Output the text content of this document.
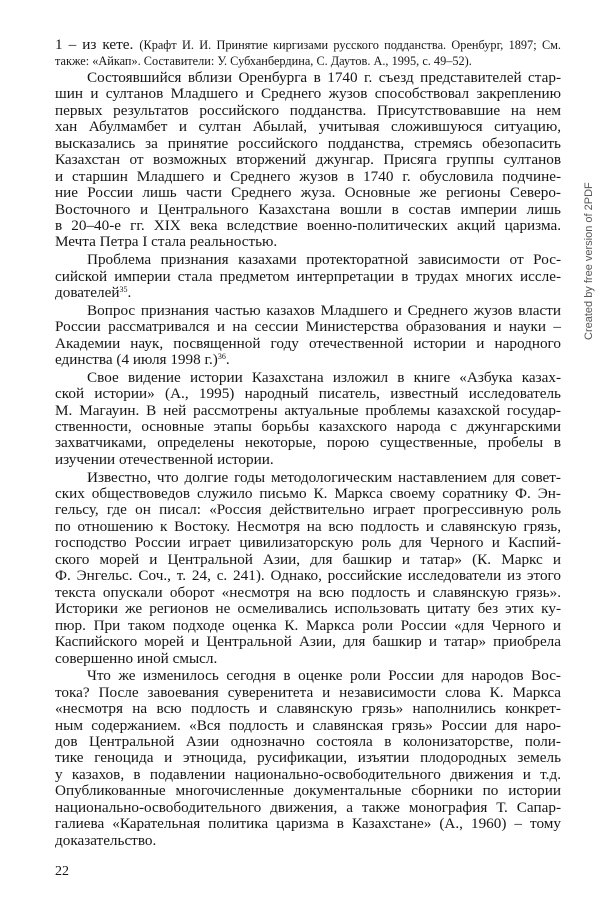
1 – из кете. (Крафт И. И. Принятие киргизами русского подданства. Оренбург, 1897; См.
также: «Айкап». Составители: У. Субханбердина, С. Даутов. А., 1995, с. 49–52).
Состоявшийся вблизи Оренбурга в 1740 г. съезд представителей стар-
шин и султанов Младшего и Среднего жузов способствовал закреплению
первых результатов российского подданства. Присутствовавшие на нем
хан Абулмамбет и султан Абылай, учитывая сложившуюся ситуацию,
высказались за принятие российского подданства, стремясь обезопасить
Казахстан от возможных вторжений джунгар. Присяга группы султанов
и старшин Младшего и Среднего жузов в 1740 г. обусловила подчине-
ние России лишь части Среднего жуза. Основные же регионы Северо-
Восточного и Центрального Казахстана вошли в состав империи лишь
в 20–40-е гг. XIX века вследствие военно-политических акций царизма.
Мечта Петра I стала реальностью.
Проблема признания казахами протекторатной зависимости от Рос-
сийской империи стала предметом интерпретации в трудах многих иссле-
дователей$^{35}$.
Вопрос признания частью казахов Младшего и Среднего жузов власти
России рассматривался и на сессии Министерства образования и науки –
Академии наук, посвященной году отечественной истории и народного
единства (4 июля 1998 г.)$^{36}$.
Свое видение истории Казахстана изложил в книге «Азбука казах-
ской истории» (А., 1995) народный писатель, известный исследователь
М. Магауин. В ней рассмотрены актуальные проблемы казахской государ-
ственности, основные этапы борьбы казахского народа с джунгарскими
захватчиками, определены некоторые, порою существенные, пробелы в
изучении отечественной истории.
Известно, что долгие годы методологическим наставлением для совет-
ских обществоведов служило письмо К. Маркса своему соратнику Ф. Эн-
гельсу, где он писал: «Россия действительно играет прогрессивную роль
по отношению к Востоку. Несмотря на всю подлость и славянскую грязь,
господство России играет цивилизаторскую роль для Черного и Каспий-
ского морей и Центральной Азии, для башкир и татар» (К. Маркс и
Ф. Энгельс. Соч., т. 24, с. 241). Однако, российские исследователи из этого
текста опускали оборот «несмотря на всю подлость и славянскую грязь».
Историки же регионов не осмеливались использовать цитату без этих ку-
пюр. При таком подходе оценка К. Маркса роли России «для Черного и
Каспийского морей и Центральной Азии, для башкир и татар» приобрела
совершенно иной смысл.
Что же изменилось сегодня в оценке роли России для народов Вос-
тока? После завоевания суверенитета и независимости слова К. Маркса
«несмотря на всю подлость и славянскую грязь» наполнились конкрет-
ным содержанием. «Вся подлость и славянская грязь» России для наро-
дов Центральной Азии однозначно состояла в колонизаторстве, поли-
тике геноцида и этноцида, русификации, изъятии плодородных земель
у казахов, в подавлении национально-освободительного движения и т.д.
Опубликованные многочисленные документальные сборники по истории
национально-освободительного движения, а также монография Т. Сапар-
галиева «Карательная политика царизма в Казахстане» (А., 1960) – тому
доказательство.
22
Created by free version of 2PDF
